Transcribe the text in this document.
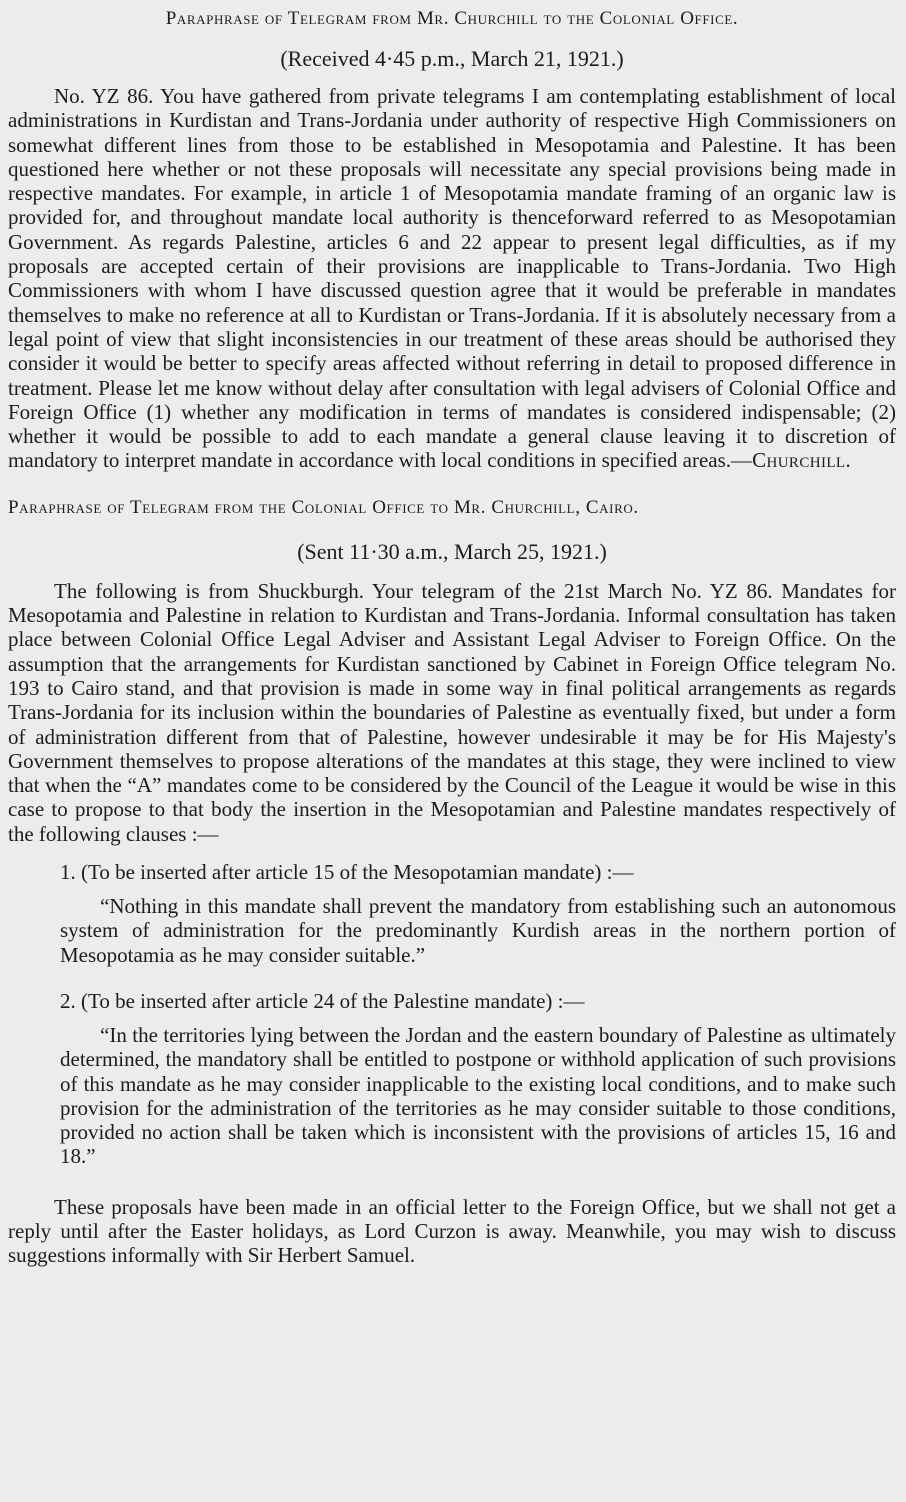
Paraphrase of Telegram from Mr. Churchill to the Colonial Office.

(Received 4·45 p.m., March 21, 1921.)

No. YZ 86. You have gathered from private telegrams I am contemplating establishment of local administrations in Kurdistan and Trans-Jordania under authority of respective High Commissioners on somewhat different lines from those to be established in Mesopotamia and Palestine. It has been questioned here whether or not these proposals will necessitate any special provisions being made in respective mandates. For example, in article 1 of Mesopotamia mandate framing of an organic law is provided for, and throughout mandate local authority is thenceforward referred to as Mesopotamian Government. As regards Palestine, articles 6 and 22 appear to present legal difficulties, as if my proposals are accepted certain of their provisions are inapplicable to Trans-Jordania. Two High Commissioners with whom I have discussed question agree that it would be preferable in mandates themselves to make no reference at all to Kurdistan or Trans-Jordania. If it is absolutely necessary from a legal point of view that slight inconsistencies in our treatment of these areas should be authorised they consider it would be better to specify areas affected without referring in detail to proposed difference in treatment. Please let me know without delay after consultation with legal advisers of Colonial Office and Foreign Office (1) whether any modification in terms of mandates is considered indispensable; (2) whether it would be possible to add to each mandate a general clause leaving it to discretion of mandatory to interpret mandate in accordance with local conditions in specified areas.—Churchill.

Paraphrase of Telegram from the Colonial Office to Mr. Churchill, Cairo.

(Sent 11·30 a.m., March 25, 1921.)

The following is from Shuckburgh. Your telegram of the 21st March No. YZ 86. Mandates for Mesopotamia and Palestine in relation to Kurdistan and Trans-Jordania. Informal consultation has taken place between Colonial Office Legal Adviser and Assistant Legal Adviser to Foreign Office. On the assumption that the arrangements for Kurdistan sanctioned by Cabinet in Foreign Office telegram No. 193 to Cairo stand, and that provision is made in some way in final political arrangements as regards Trans-Jordania for its inclusion within the boundaries of Palestine as eventually fixed, but under a form of administration different from that of Palestine, however undesirable it may be for His Majesty's Government themselves to propose alterations of the mandates at this stage, they were inclined to view that when the “A” mandates come to be considered by the Council of the League it would be wise in this case to propose to that body the insertion in the Mesopotamian and Palestine mandates respectively of the following clauses :—

1. (To be inserted after article 15 of the Mesopotamian mandate) :—

“Nothing in this mandate shall prevent the mandatory from establishing such an autonomous system of administration for the predominantly Kurdish areas in the northern portion of Mesopotamia as he may consider suitable.”

2. (To be inserted after article 24 of the Palestine mandate) :—

“In the territories lying between the Jordan and the eastern boundary of Palestine as ultimately determined, the mandatory shall be entitled to postpone or withhold application of such provisions of this mandate as he may consider inapplicable to the existing local conditions, and to make such provision for the administration of the territories as he may consider suitable to those conditions, provided no action shall be taken which is inconsistent with the provisions of articles 15, 16 and 18.”

These proposals have been made in an official letter to the Foreign Office, but we shall not get a reply until after the Easter holidays, as Lord Curzon is away. Meanwhile, you may wish to discuss suggestions informally with Sir Herbert Samuel.
